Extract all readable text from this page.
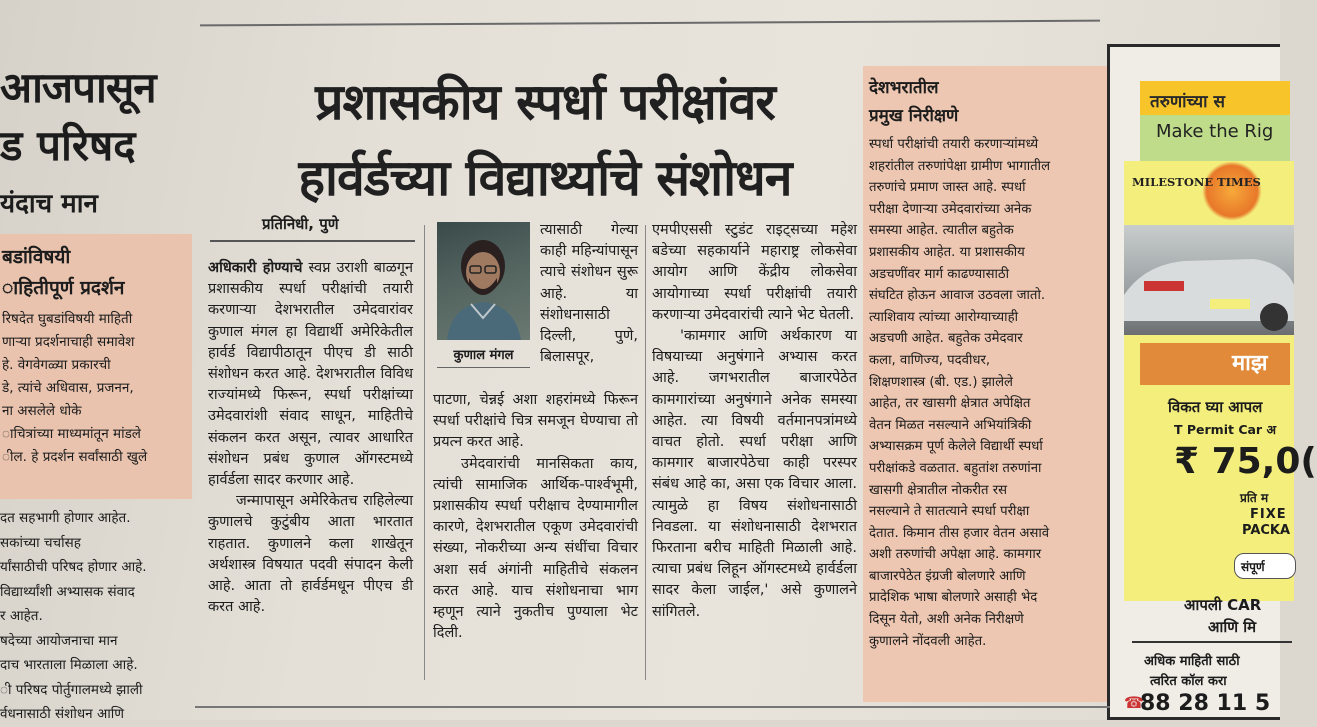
आजपासून
ड परिषद
यंदाच मान
बडांविषयी
ाहितीपूर्ण प्रदर्शन
रिषदेत घुबडांविषयी माहिती
णाऱ्या प्रदर्शनाचाही समावेश
हे. वेगवेगळ्या प्रकारची
डे, त्यांचे अधिवास, प्रजनन,
ना असलेले धोके
ाचित्रांच्या माध्यमांतून मांडले
ील. हे प्रदर्शन सर्वांसाठी खुले
दत सहभागी होणार आहेत.
सकांच्या चर्चासह
र्यांसाठीची परिषद होणार आहे.
विद्यार्थ्यांशी अभ्यासक संवाद
र आहेत.
षदेच्या आयोजनाचा मान
दाच भारताला मिळाला आहे.
ी परिषद पोर्तुगालमध्ये झाली
र्वधनासाठी संशोधन आणि
प्रशासकीय स्पर्धा परीक्षांवर
हार्वर्डच्या विद्यार्थ्याचे संशोधन
प्रतिनिधी, पुणे

अधिकारी होण्याचे स्वप्न उराशी बाळगून प्रशासकीय स्पर्धा परीक्षांची तयारी करणाऱ्या देशभरातील उमेदवारांवर कुणाल मंगल हा विद्यार्थी अमेरिकेतील हार्वर्ड विद्यापीठातून पीएच डी साठी संशोधन करत आहे. देशभरातील विविध राज्यांमध्ये फिरून, स्पर्धा परीक्षांच्या उमेदवारांशी संवाद साधून, माहितीचे संकलन करत असून, त्यावर आधारित संशोधन प्रबंध कुणाल ऑगस्टमध्ये हार्वर्डला सादर करणार आहे.

जन्मापासून अमेरिकेतच राहिलेल्या कुणालचे कुटुंबीय आता भारतात राहतात. कुणालने कला शाखेतून अर्थशास्त्र विषयात पदवी संपादन केली आहे. आता तो हार्वर्डमधून पीएच डी करत आहे.

कुणाल मंगल

त्यासाठी गेल्या काही महिन्यांपासून त्याचे संशोधन सुरू आहे. या संशोधनासाठी दिल्ली, पुणे, बिलासपूर,

पाटणा, चेन्नई अशा शहरांमध्ये फिरून स्पर्धा परीक्षांचे चित्र समजून घेण्याचा तो प्रयत्न करत आहे.

उमेदवारांची मानसिकता काय, त्यांची सामाजिक आर्थिक-पार्श्वभूमी, प्रशासकीय स्पर्धा परीक्षाच देण्यामागील कारणे, देशभरातील एकूण उमेदवारांची संख्या, नोकरीच्या अन्य संधींचा विचार अशा सर्व अंगांनी माहितीचे संकलन करत आहे. याच संशोधनाचा भाग म्हणून त्याने नुकतीच पुण्याला भेट दिली.

एमपीएससी स्टुडंट राइट्सच्या महेश बडेच्या सहकार्याने महाराष्ट्र लोकसेवा आयोग आणि केंद्रीय लोकसेवा आयोगाच्या स्पर्धा परीक्षांची तयारी करणाऱ्या उमेदवारांची त्याने भेट घेतली.

'कामगार आणि अर्थकारण या विषयाच्या अनुषंगाने अभ्यास करत आहे. जगभरातील बाजारपेठेत कामगारांच्या अनुषंगाने अनेक समस्या आहेत. त्या विषयी वर्तमानपत्रांमध्ये वाचत होतो. स्पर्धा परीक्षा आणि कामगार बाजारपेठेचा काही परस्पर संबंध आहे का, असा एक विचार आला. त्यामुळे हा विषय संशोधनासाठी निवडला. या संशोधनासाठी देशभरात फिरताना बरीच माहिती मिळाली आहे. त्याचा प्रबंध लिहून ऑगस्टमध्ये हार्वर्डला सादर केला जाईल,' असे कुणालने सांगितले.

देशभरातील
प्रमुख निरीक्षणे
स्पर्धा परीक्षांची तयारी करणाऱ्यांमध्ये
शहरांतील तरुणांपेक्षा ग्रामीण भागातील
तरुणांचे प्रमाण जास्त आहे. स्पर्धा
परीक्षा देणाऱ्या उमेदवारांच्या अनेक
समस्या आहेत. त्यातील बहुतेक
प्रशासकीय आहेत. या प्रशासकीय
अडचणींवर मार्ग काढण्यासाठी
संघटित होऊन आवाज उठवला जातो.
त्याशिवाय त्यांच्या आरोग्याच्याही
अडचणी आहेत. बहुतेक उमेदवार
कला, वाणिज्य, पदवीधर,
शिक्षणशास्त्र (बी. एड.) झालेले
आहेत, तर खासगी क्षेत्रात अपेक्षित
वेतन मिळत नसल्याने अभियांत्रिकी
अभ्यासक्रम पूर्ण केलेले विद्यार्थी स्पर्धा
परीक्षांकडे वळतात. बहुतांश तरुणांना
खासगी क्षेत्रातील नोकरीत रस
नसल्याने ते सातत्याने स्पर्धा परीक्षा
देतात. किमान तीस हजार वेतन असावे
अशी तरुणांची अपेक्षा आहे. कामगार
बाजारपेठेत इंग्रजी बोलणारे आणि
प्रादेशिक भाषा बोलणारे असाही भेद
दिसून येतो, अशी अनेक निरीक्षणे
कुणालने नोंदवली आहेत.
तरुणांच्या स
Make the Rig
MILESTONE TIMES
माझ
विकत घ्या आपल
T Permit Car अ
₹ 75,0(
प्रति म
FIXE
PACKA
संपूर्ण
आपली CAR
आणि मि
अधिक माहिती साठी
त्वरित कॉल करा
☎
88 28 11 5
